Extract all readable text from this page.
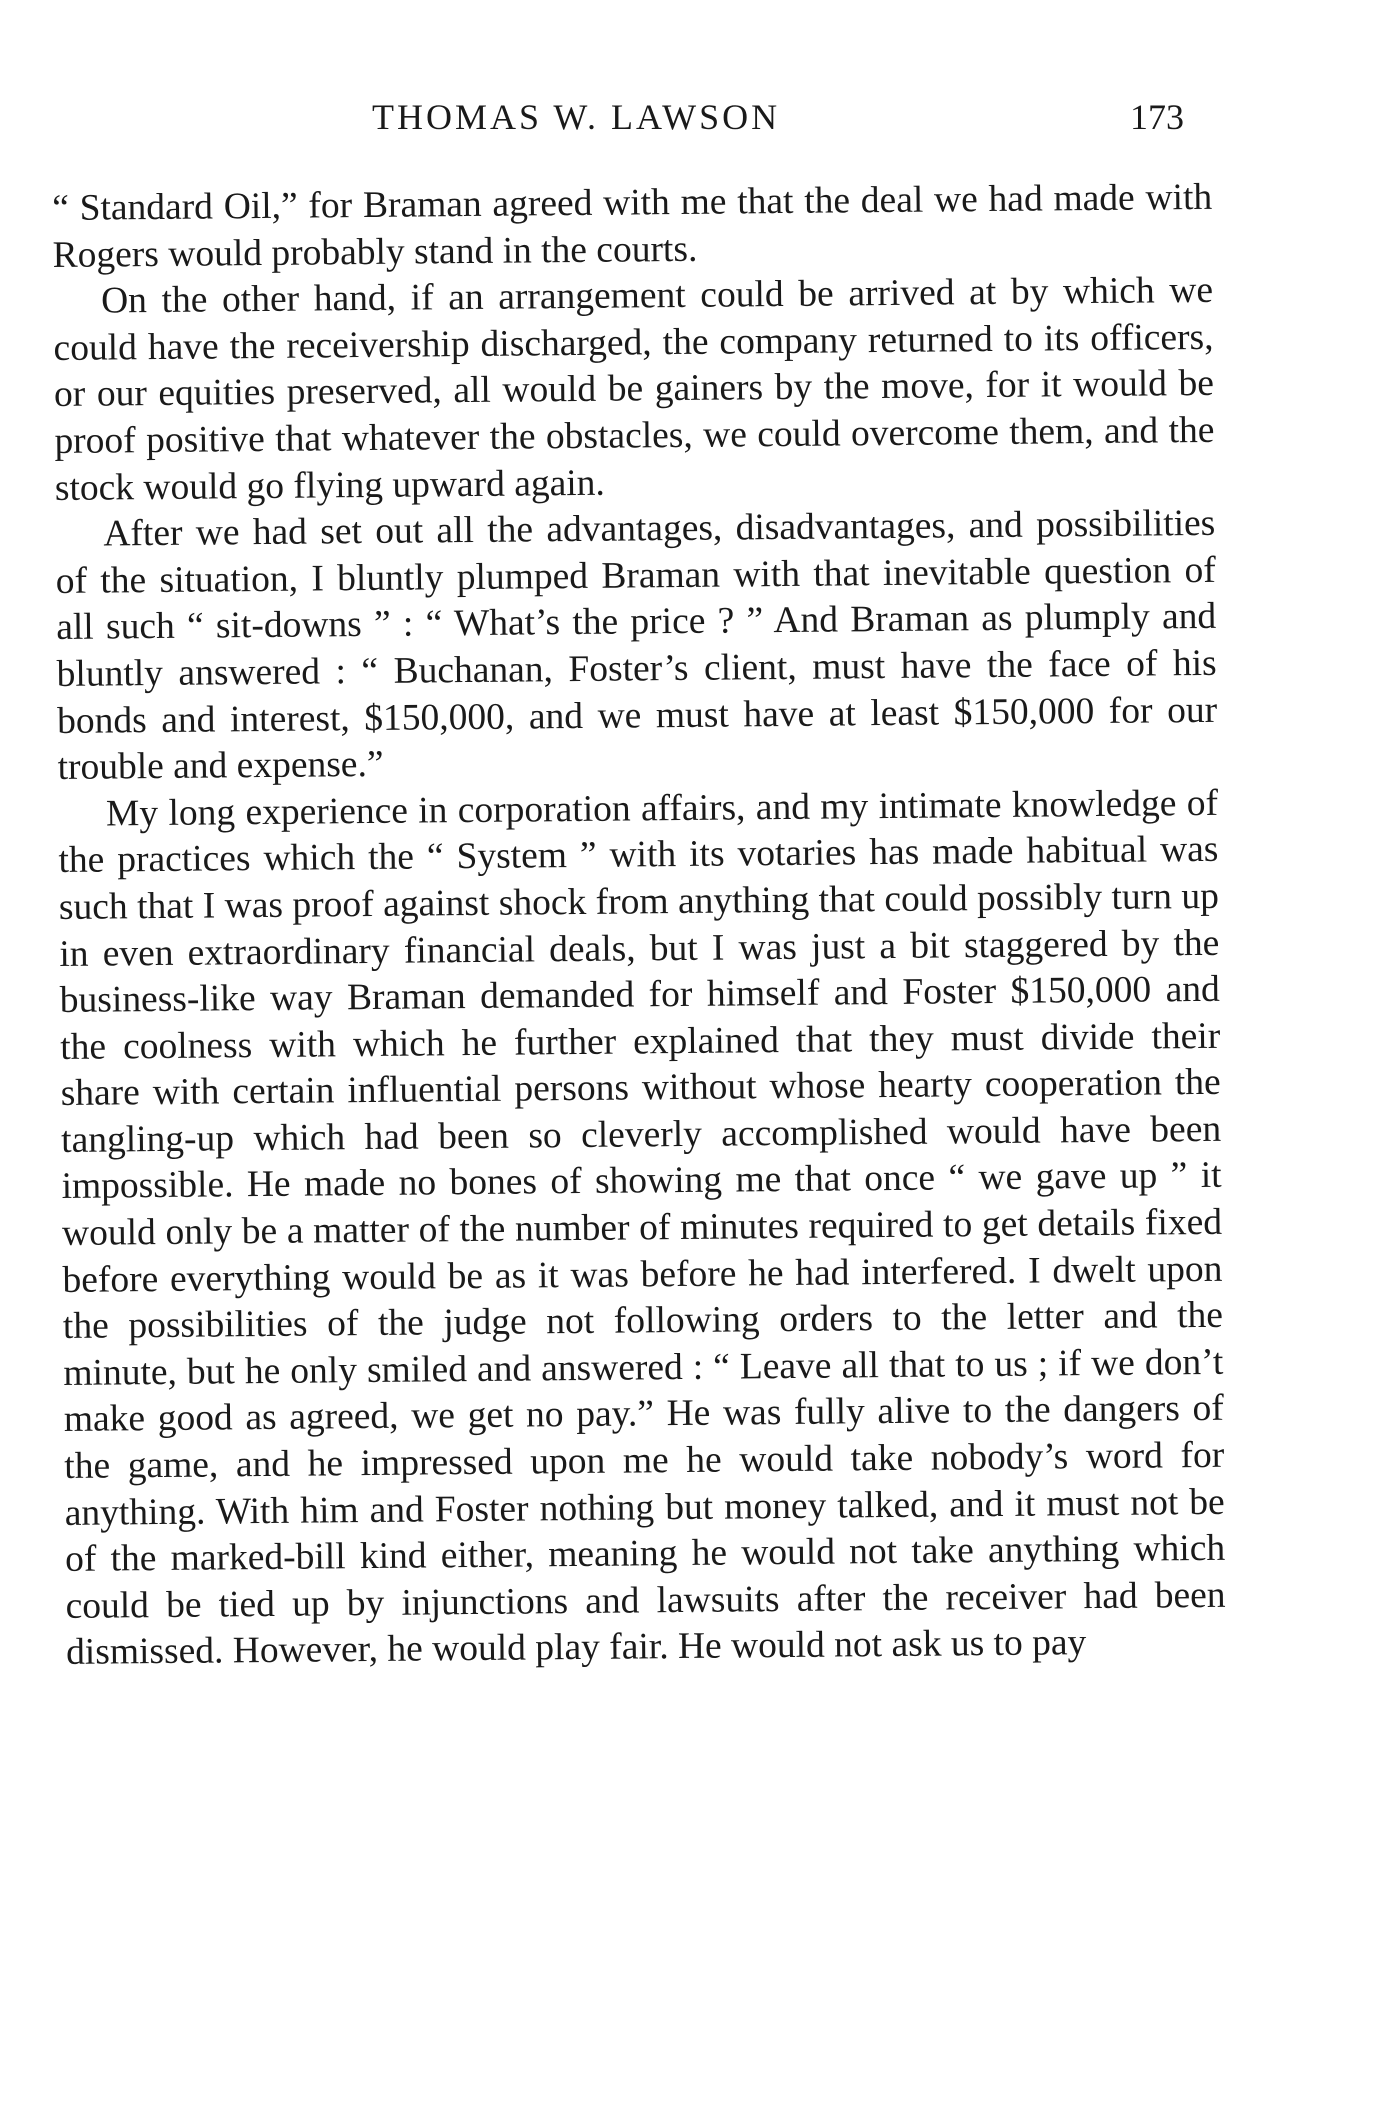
THOMAS W. LAWSON	173

“ Standard Oil,” for Braman agreed with me that the deal we had made with Rogers would probably stand in the courts.

On the other hand, if an arrangement could be arrived at by which we could have the receivership discharged, the company returned to its officers, or our equities preserved, all would be gainers by the move, for it would be proof positive that whatever the obstacles, we could overcome them, and the stock would go flying upward again.

After we had set out all the advantages, disadvantages, and possibilities of the situation, I bluntly plumped Braman with that inevitable question of all such “ sit-downs ” : “ What’s the price ? ” And Braman as plumply and bluntly answered : “ Buchanan, Foster’s client, must have the face of his bonds and interest, $150,000, and we must have at least $150,000 for our trouble and expense.”

My long experience in corporation affairs, and my intimate knowledge of the practices which the “ System ” with its votaries has made habitual was such that I was proof against shock from anything that could possibly turn up in even extraordinary financial deals, but I was just a bit staggered by the business-like way Braman demanded for himself and Foster $150,000 and the coolness with which he further explained that they must divide their share with certain influential persons without whose hearty cooperation the tangling-up which had been so cleverly accomplished would have been impossible. He made no bones of showing me that once “ we gave up ” it would only be a matter of the number of minutes required to get details fixed before everything would be as it was before he had interfered. I dwelt upon the possibilities of the judge not following orders to the letter and the minute, but he only smiled and answered : “ Leave all that to us ; if we don’t make good as agreed, we get no pay.” He was fully alive to the dangers of the game, and he impressed upon me he would take nobody’s word for anything. With him and Foster nothing but money talked, and it must not be of the marked-bill kind either, meaning he would not take anything which could be tied up by injunctions and lawsuits after the receiver had been dismissed. However, he would play fair. He would not ask us to pay
